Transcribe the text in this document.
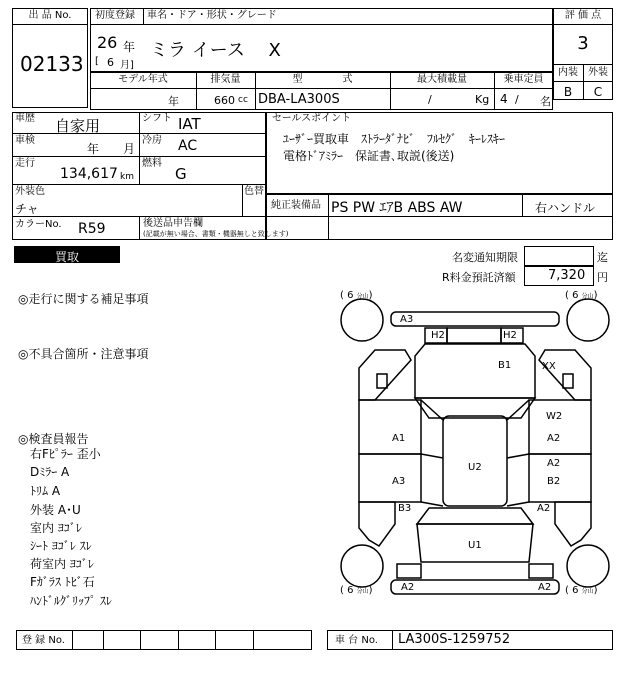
出 品 No.
02133
初度登録 車名・ドア・形状・グレード
26 年
[ 6 月]
ミラ イース　 X
評 価 点
3
内装	外装
B	C
モデル年式	排気量	型　　　　式	最大積載量	乗車定員
年	660 cc DBA-LA300S	/	Kg 4 / 名
車歴 自家用	シフト IAT
車検
年 月
冷房 AC
走行
134,617 km
燃料
G
外装色
チャ
色替
カラーNo. R59	後送品申告欄
(記載が無い場合、書類・機器無しと致します)
セールスポイント
ﾕｰｻﾞｰ買取車　ｽﾄﾗｰﾀﾞﾅﾋﾞ　ﾌﾙｾｸﾞ　ｷｰﾚｽｷｰ
電格ﾄﾞｱﾐﾗｰ　保証書､取説(後送)
純正装備品 PS PW ｴｱB ABS AW	右ハンドル
買取	名変通知期限	迄
R料金預託済額 7,320 円
◎走行に関する補足事項
◎不具合箇所・注意事項
◎検査員報告
右Fﾋﾟﾗｰ 歪小
Dﾐﾗｰ A
ﾄﾘﾑ A
外装 A･U
室内 ﾖｺﾞﾚ
ｼｰﾄ ﾖｺﾞﾚ ｽﾚ
荷室内 ﾖｺﾞﾚ
Fｶﾞﾗｽ ﾄﾋﾞ石
ﾊﾝﾄﾞﾙｸﾞﾘｯﾌﾟ ｽﾚ
( 6 分山)	( 6 分山)
( 6 分山)	( 6 分山)
A3
H2	H2
B1	XX
W2
A1	A2
U2	A2
A3	B2
B3	A2
U1
A2	A2
登 録 No.	車 台 No. LA300S-1259752
